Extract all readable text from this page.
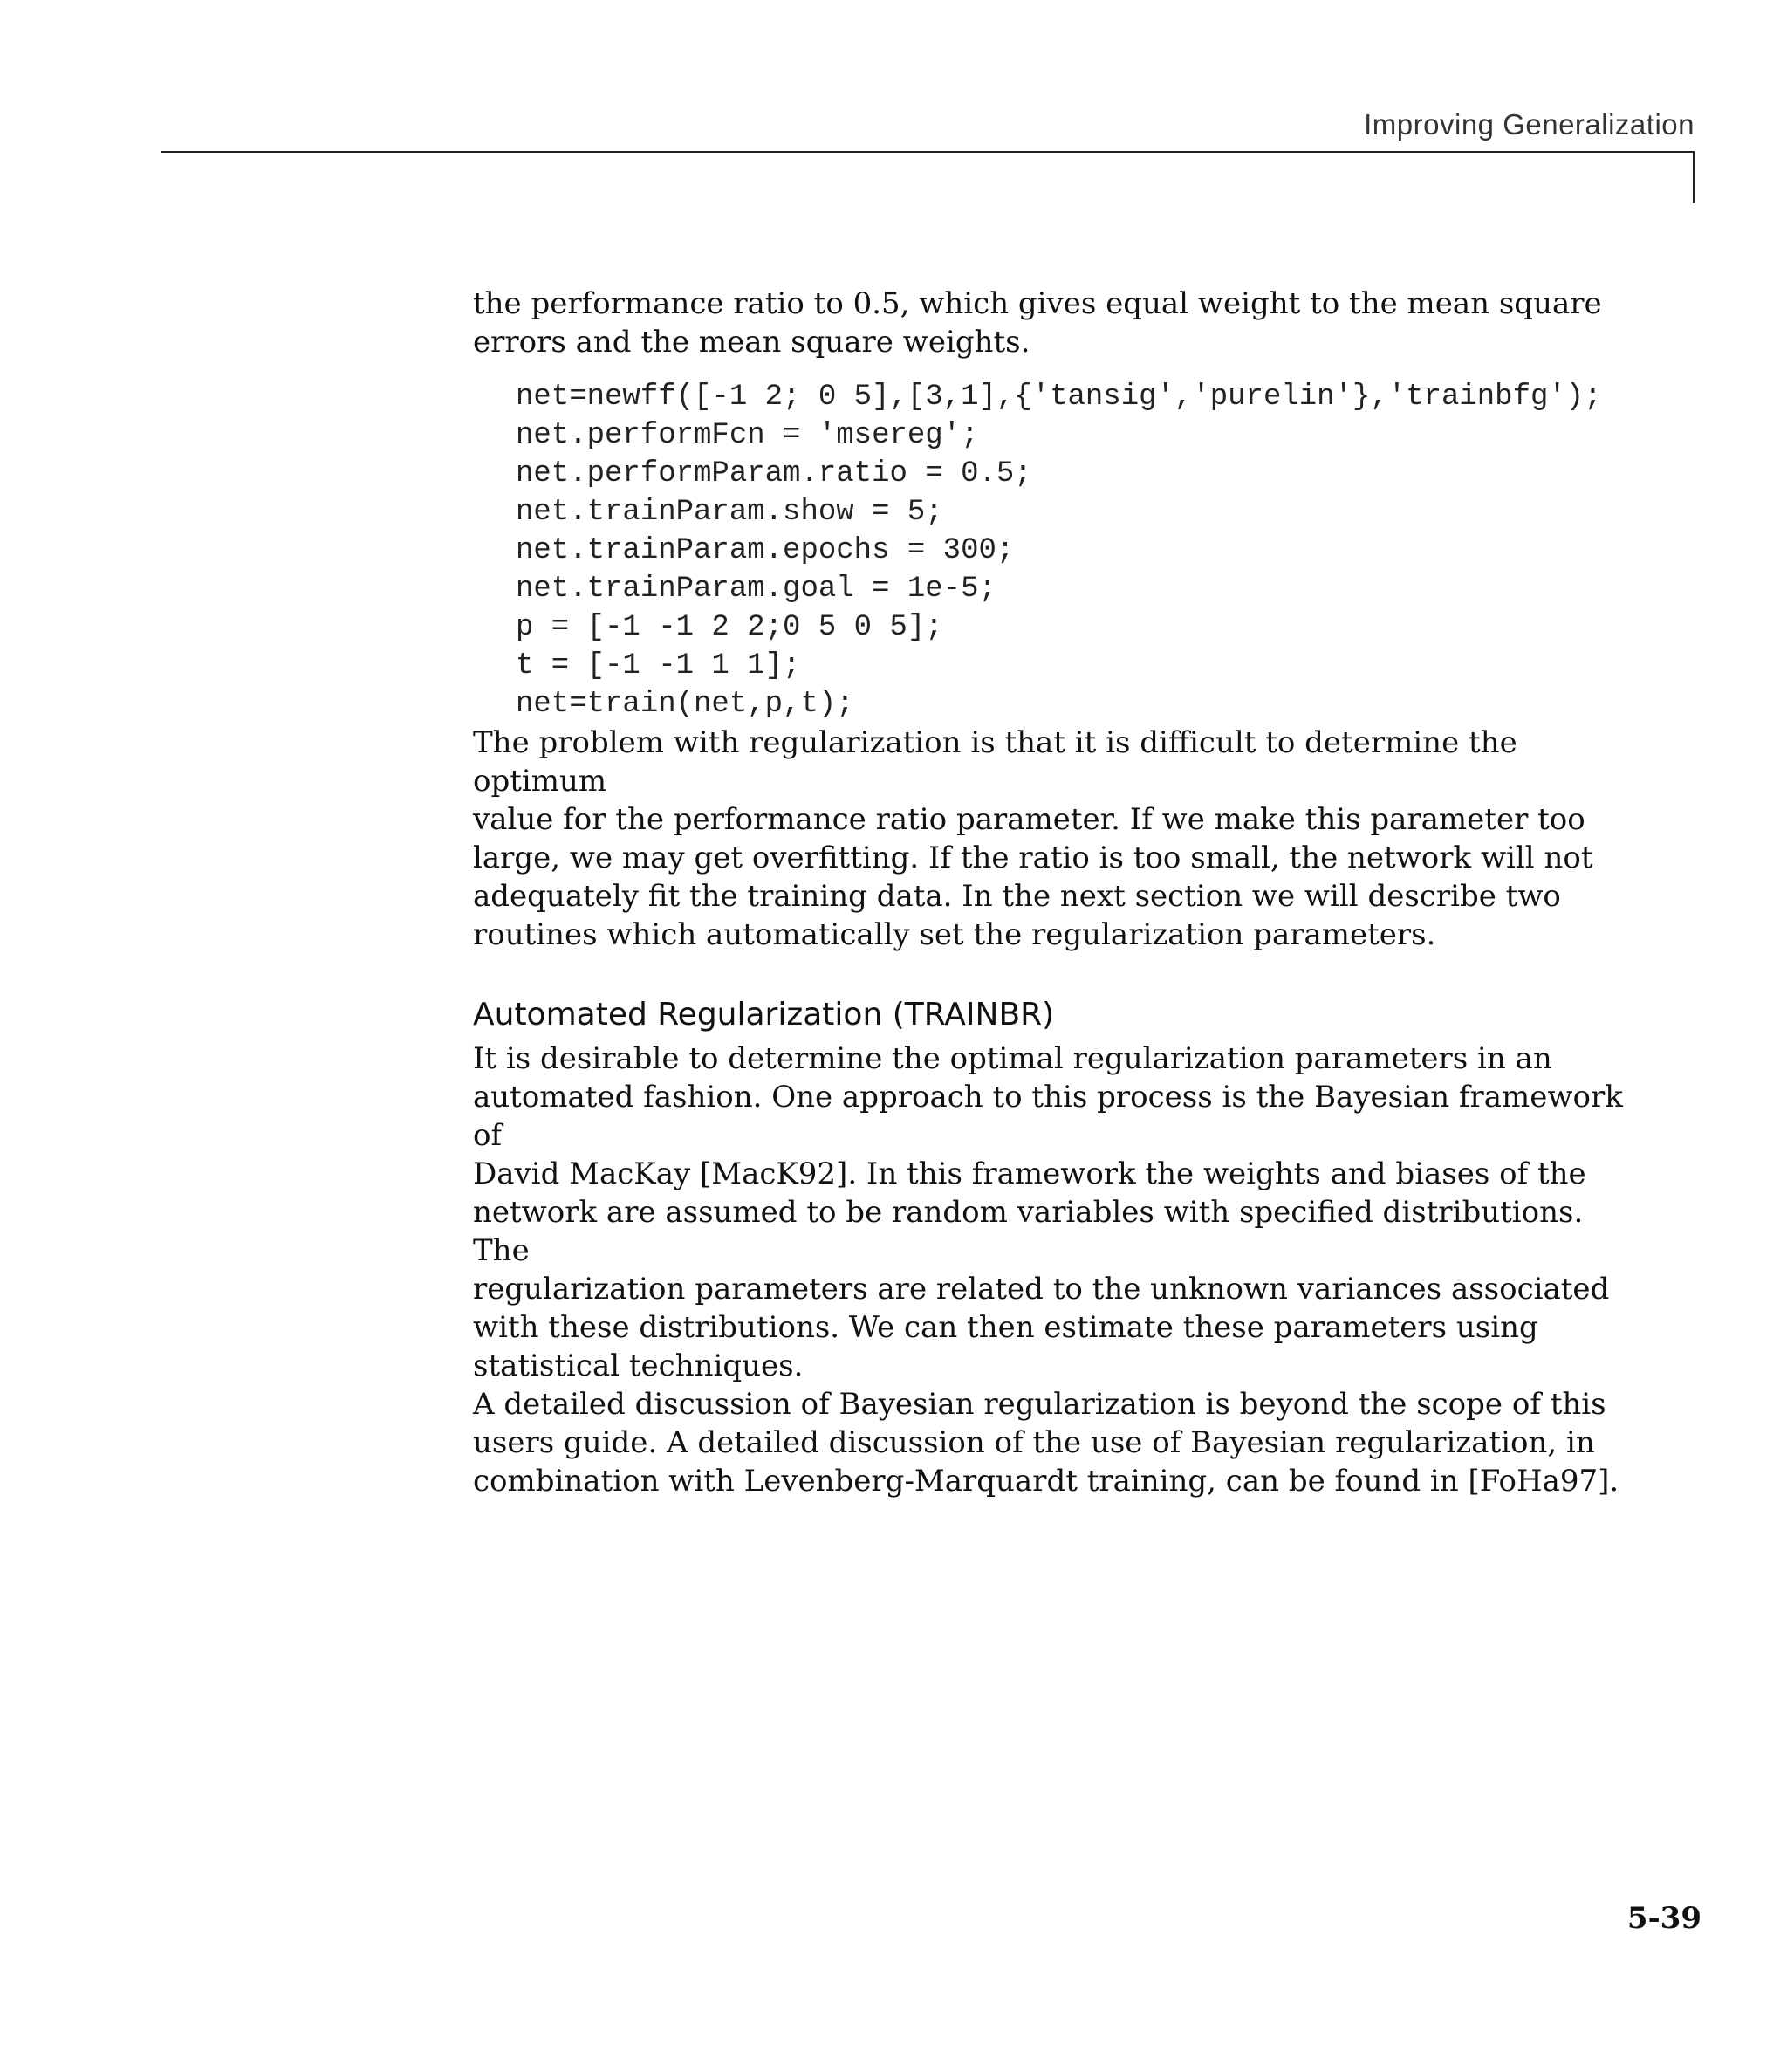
Improving Generalization

the performance ratio to 0.5, which gives equal weight to the mean square
errors and the mean square weights.

net=newff([-1 2; 0 5],[3,1],{'tansig','purelin'},'trainbfg');
net.performFcn = 'msereg';
net.performParam.ratio = 0.5;
net.trainParam.show = 5;
net.trainParam.epochs = 300;
net.trainParam.goal = 1e-5;
p = [-1 -1 2 2;0 5 0 5];
t = [-1 -1 1 1];
net=train(net,p,t);

The problem with regularization is that it is difficult to determine the optimum
value for the performance ratio parameter. If we make this parameter too
large, we may get overfitting. If the ratio is too small, the network will not
adequately fit the training data. In the next section we will describe two
routines which automatically set the regularization parameters.

Automated Regularization (TRAINBR)

It is desirable to determine the optimal regularization parameters in an
automated fashion. One approach to this process is the Bayesian framework of
David MacKay [MacK92]. In this framework the weights and biases of the
network are assumed to be random variables with specified distributions. The
regularization parameters are related to the unknown variances associated
with these distributions. We can then estimate these parameters using
statistical techniques.

A detailed discussion of Bayesian regularization is beyond the scope of this
users guide. A detailed discussion of the use of Bayesian regularization, in
combination with Levenberg-Marquardt training, can be found in [FoHa97].

5-39
